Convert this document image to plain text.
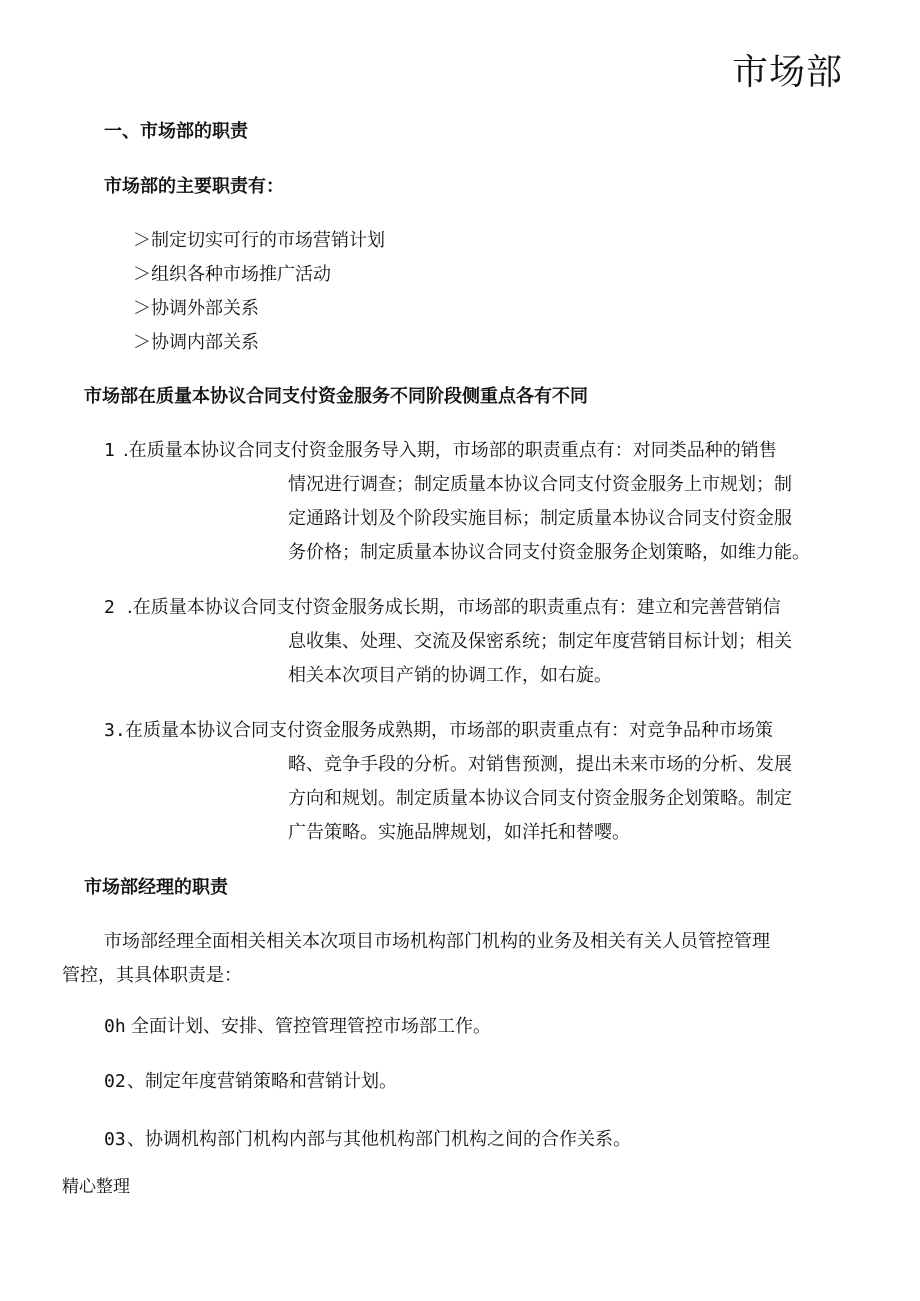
市场部
一、市场部的职责
市场部的主要职责有：
＞制定切实可行的市场营销计划
＞组织各种市场推广活动
＞协调外部关系
＞协调内部关系
市场部在质量本协议合同支付资金服务不同阶段侧重点各有不同
1 .在质量本协议合同支付资金服务导入期，市场部的职责重点有：对同类品种的销售
情况进行调查；制定质量本协议合同支付资金服务上市规划；制
定通路计划及个阶段实施目标；制定质量本协议合同支付资金服
务价格；制定质量本协议合同支付资金服务企划策略，如维力能。
2 .在质量本协议合同支付资金服务成长期，市场部的职责重点有：建立和完善营销信
息收集、处理、交流及保密系统；制定年度营销目标计划；相关
相关本次项目产销的协调工作，如右旋。
3. 在质量本协议合同支付资金服务成熟期，市场部的职责重点有：对竞争品种市场策
略、竞争手段的分析。对销售预测，提出未来市场的分析、发展
方向和规划。制定质量本协议合同支付资金服务企划策略。制定
广告策略。实施品牌规划，如洋托和替嘤。
市场部经理的职责
市场部经理全面相关相关本次项目市场机构部门机构的业务及相关有关人员管控管理
管控，其具体职责是：
0h 全面计划、安排、管控管理管控市场部工作。
02 、制定年度营销策略和营销计划。
03 、协调机构部门机构内部与其他机构部门机构之间的合作关系。
精心整理
